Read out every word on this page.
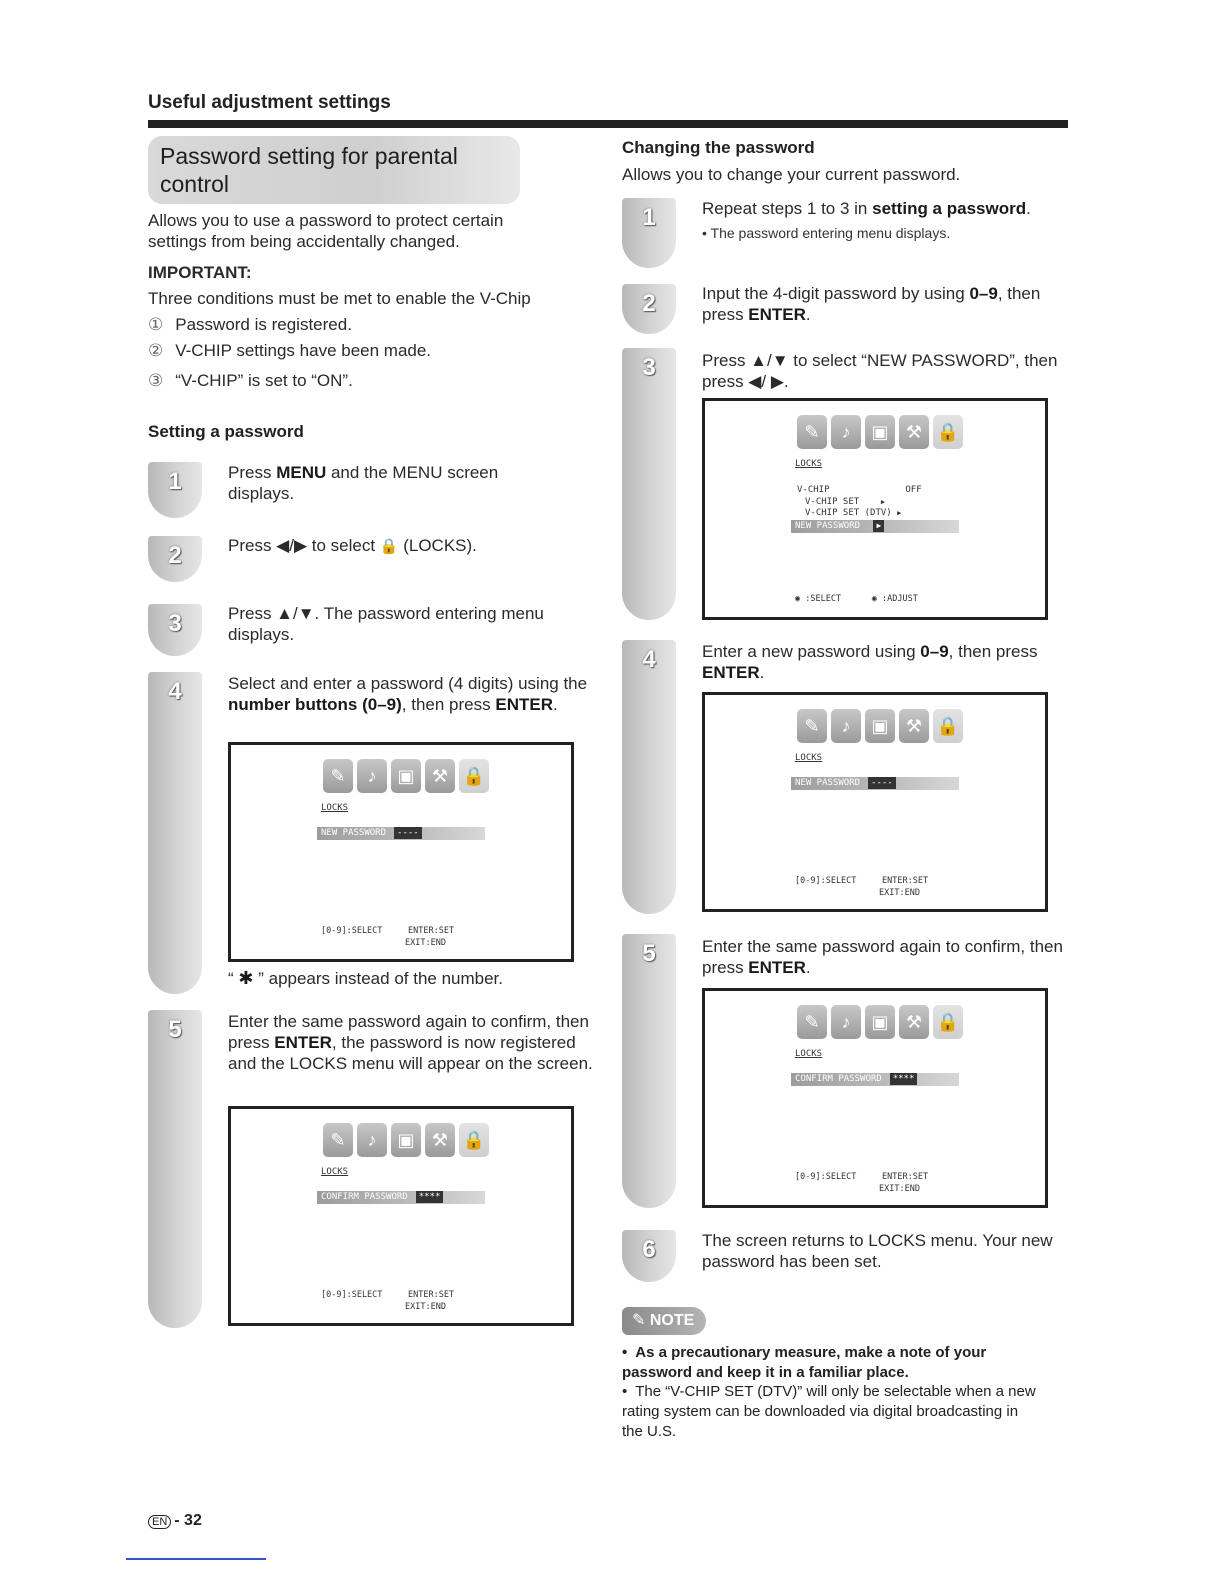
Useful adjustment settings
Password setting for parental control
Allows you to use a password to protect certain settings from being accidentally changed.
IMPORTANT:
Three conditions must be met to enable the V-Chip
① Password is registered.
② V-CHIP settings have been made.
③ “V-CHIP” is set to “ON”.
Setting a password
1	Press MENU and the MENU screen displays.
2	Press ◀/▶ to select 🔒 (LOCKS).
3	Press ▲/▼. The password entering menu displays.
4	Select and enter a password (4 digits) using the number buttons (0–9), then press ENTER.
✎	♪	▣ ⚒ 🔒
LOCKS
NEW PASSWORD ----
[0-9]:SELECT	ENTER:SET
EXIT:END
“ ✱ ” appears instead of the number.
5	Enter the same password again to confirm, then press ENTER, the password is now registered and the LOCKS menu will appear on the screen.
✎	♪	▣ ⚒ 🔒
LOCKS
CONFIRM PASSWORD ****
[0-9]:SELECT	ENTER:SET
EXIT:END
Changing the password
Allows you to change your current password.
1	Repeat steps 1 to 3 in setting a password.
• The password entering menu displays.
2	Input the 4-digit password by using 0–9, then press ENTER.
3	Press ▲/▼ to select “NEW PASSWORD”, then press ◀/ ▶.
✎	♪	▣ ⚒ 🔒
LOCKS
V-CHIP	OFF
V-CHIP SET	▶
V-CHIP SET (DTV) ▶
NEW PASSWORD ▶
◉ :SELECT	◉ :ADJUST
4	Enter a new password using 0–9, then press ENTER.
✎	♪	▣ ⚒ 🔒
LOCKS
NEW PASSWORD ----
[0-9]:SELECT	ENTER:SET
EXIT:END
5	Enter the same password again to confirm, then press ENTER.
✎	♪	▣ ⚒ 🔒
LOCKS
CONFIRM PASSWORD ****
[0-9]:SELECT	ENTER:SET
EXIT:END
6	The screen returns to LOCKS menu. Your new password has been set.
✎ NOTE
• As a precautionary measure, make a note of your password and keep it in a familiar place.
• The “V-CHIP SET (DTV)” will only be selectable when a new rating system can be downloaded via digital broadcasting in the U.S.
EN - 32
